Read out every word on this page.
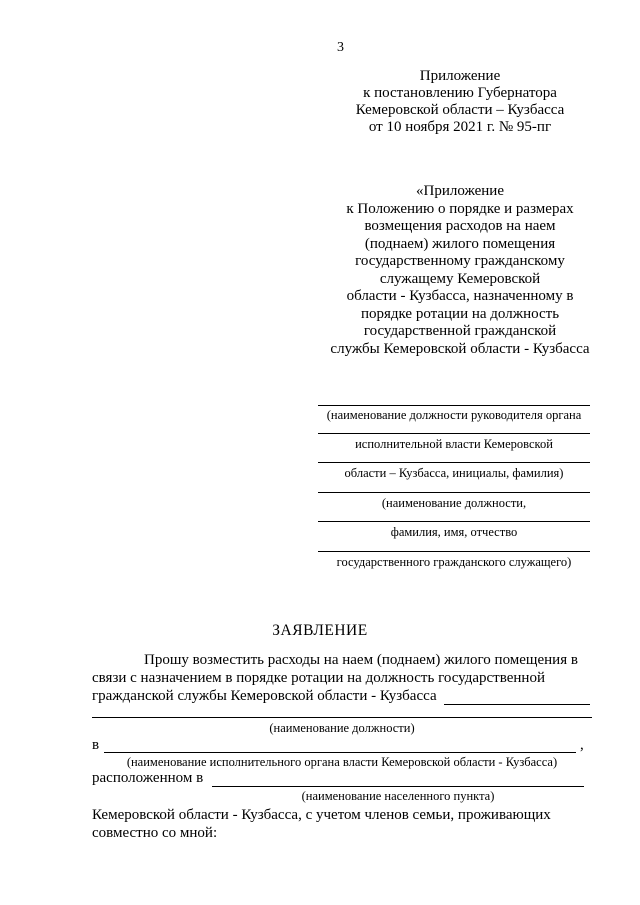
3
Приложение
к постановлению Губернатора
Кемеровской области – Кузбасса
от 10 ноября 2021 г. № 95-пг
«Приложение
к Положению о порядке и размерах
возмещения расходов на наем
(поднаем) жилого помещения
государственному гражданскому
служащему Кемеровской
области - Кузбасса, назначенному в
порядке ротации на должность
государственной гражданской
службы Кемеровской области - Кузбасса
(наименование должности руководителя органа
исполнительной власти Кемеровской
области – Кузбасса, инициалы, фамилия)
(наименование должности,
фамилия, имя, отчество
государственного гражданского служащего)
ЗАЯВЛЕНИЕ
Прошу возместить расходы на наем (поднаем) жилого помещения в
связи с назначением в порядке ротации на должность государственной
гражданской службы Кемеровской области - Кузбасса
(наименование должности)
в	,
(наименование исполнительного органа власти Кемеровской области - Кузбасса)
расположенном в
(наименование населенного пункта)
Кемеровской области - Кузбасса, с учетом членов семьи, проживающих
совместно со мной:
